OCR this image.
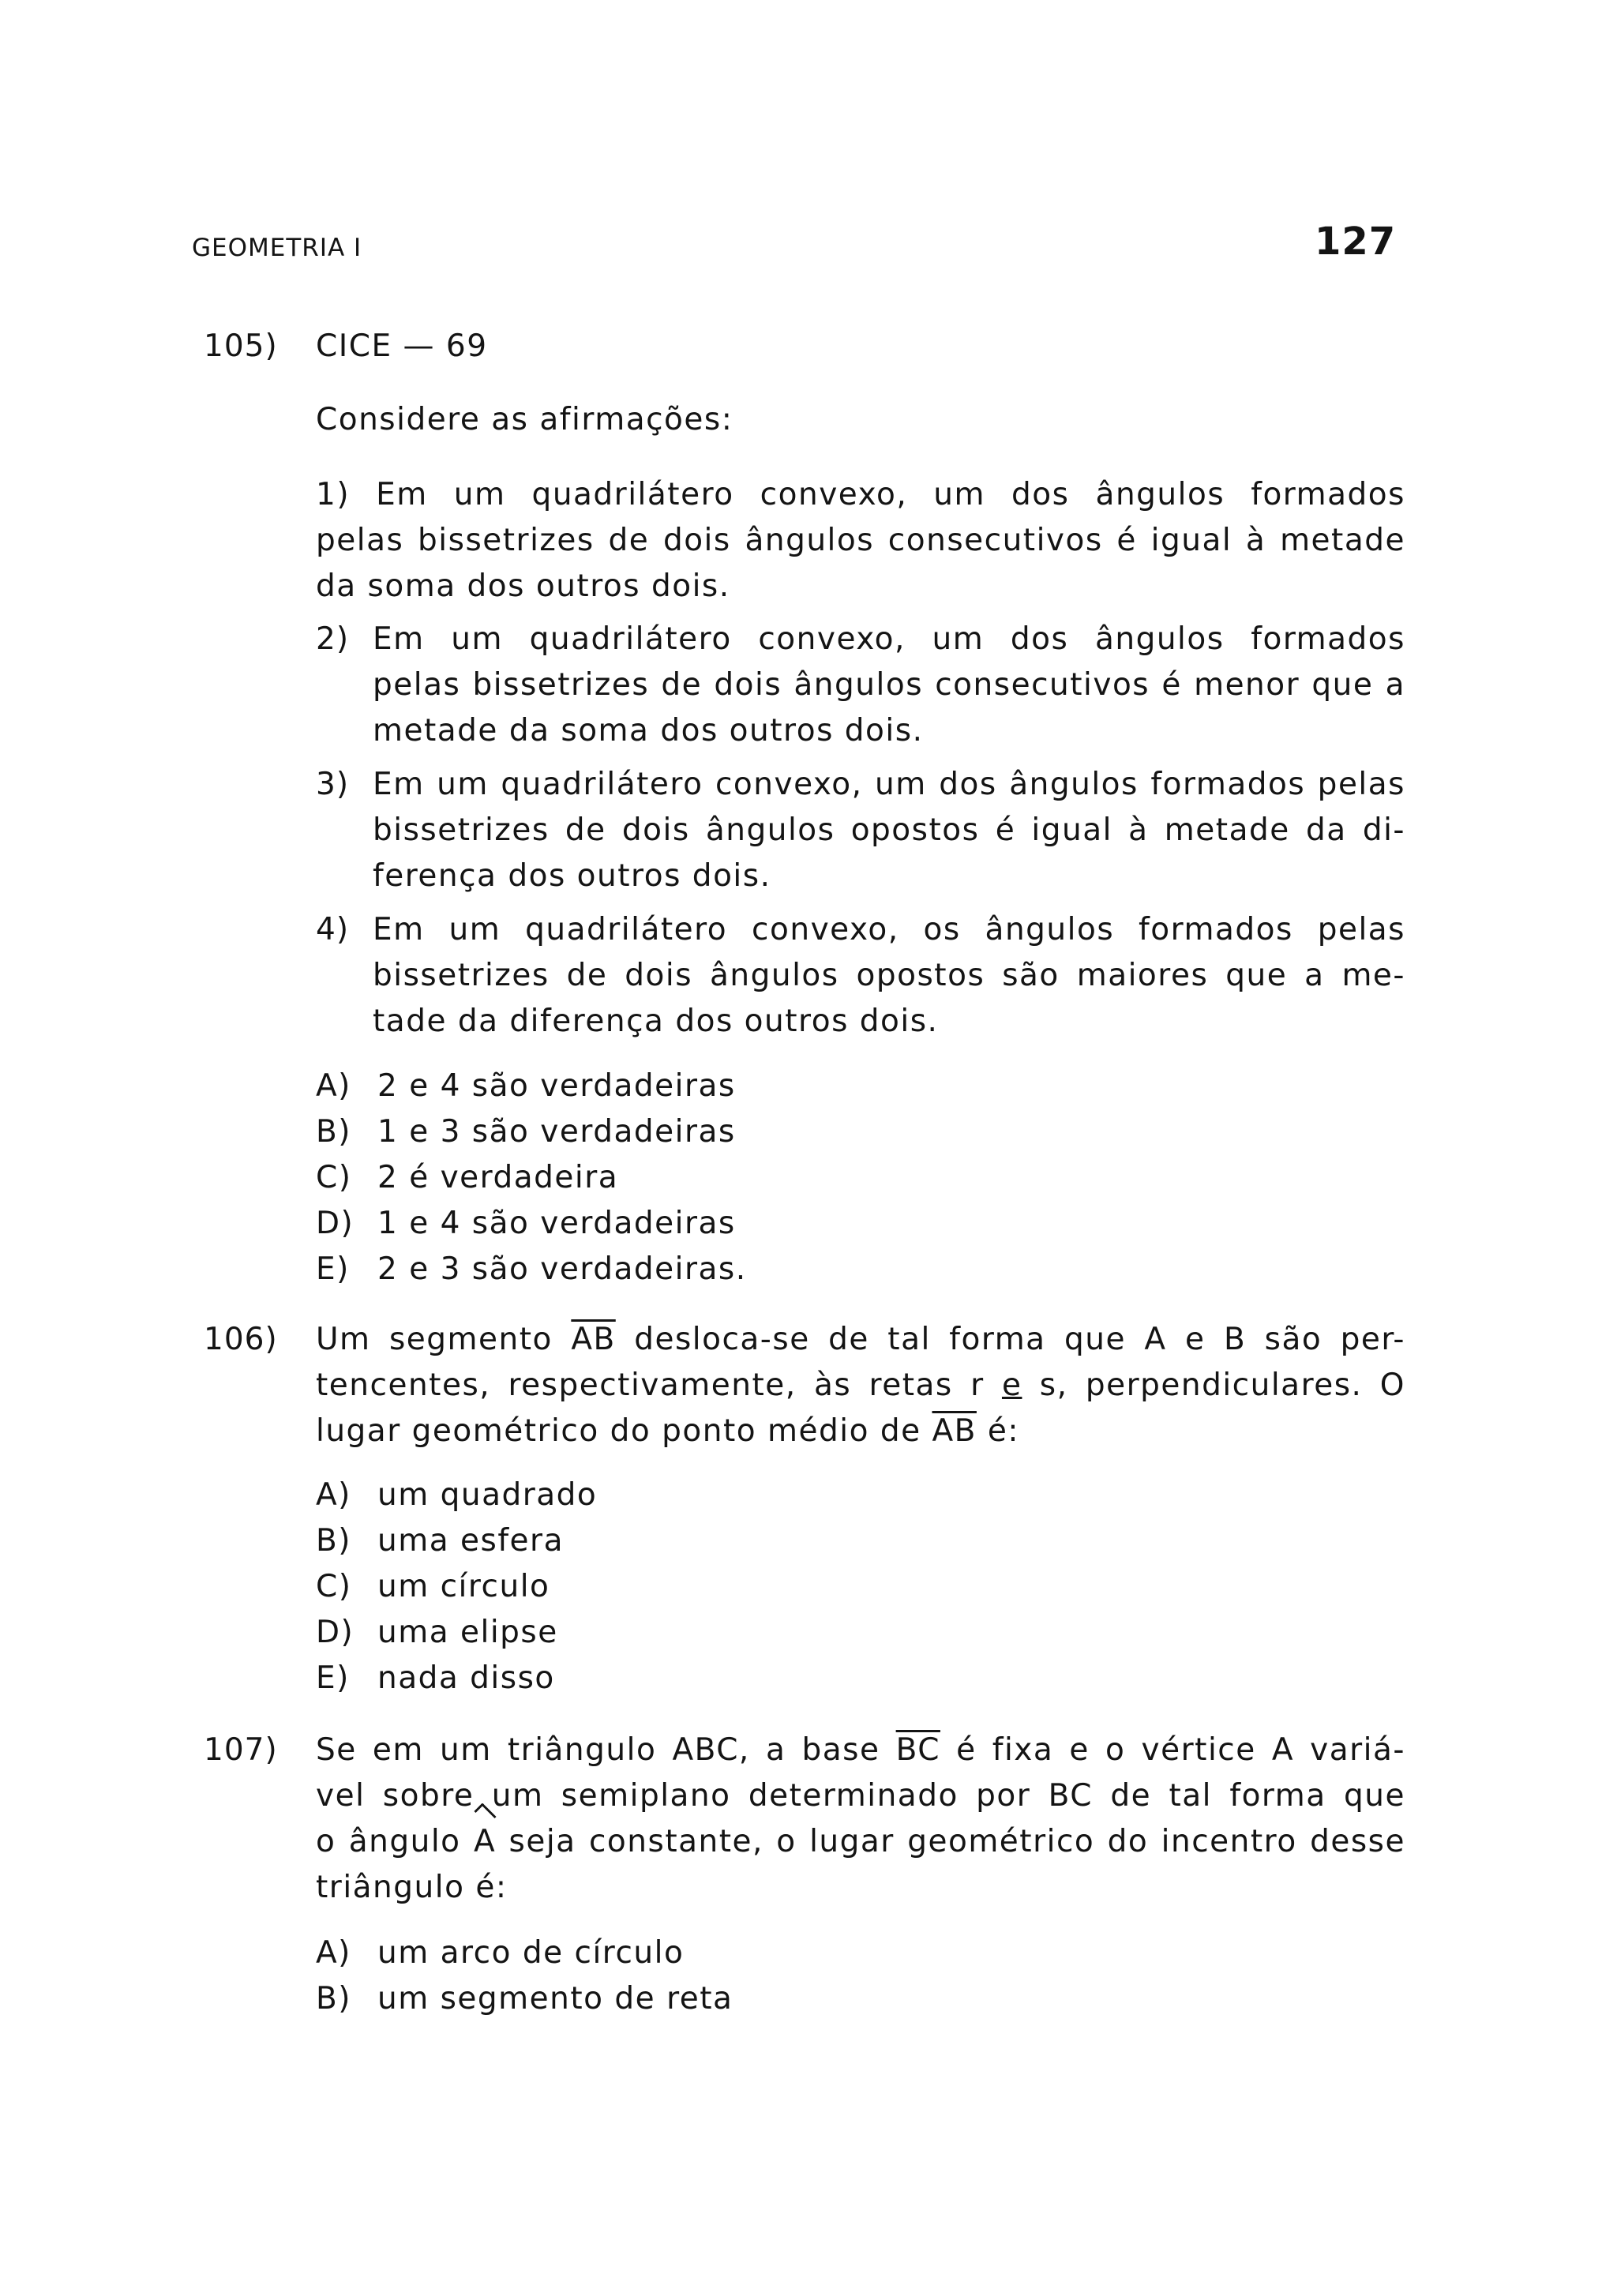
GEOMETRIA I	127
105) CICE — 69
Considere as afirmações:
1) Em um quadrilátero convexo, um dos ângulos formados
pelas bissetrizes de dois ângulos consecutivos é igual à metade
da soma dos outros dois.
2) Em um quadrilátero convexo, um dos ângulos formados
pelas bissetrizes de dois ângulos consecutivos é menor que a
metade da soma dos outros dois.
3) Em um quadrilátero convexo, um dos ângulos formados pelas
bissetrizes de dois ângulos opostos é igual à metade da di-
ferença dos outros dois.
4) Em um quadrilátero convexo, os ângulos formados pelas
bissetrizes de dois ângulos opostos são maiores que a me-
tade da diferença dos outros dois.
A) 2 e 4 são verdadeiras
B) 1 e 3 são verdadeiras
C) 2 é verdadeira
D) 1 e 4 são verdadeiras
E) 2 e 3 são verdadeiras.
106) Um segmento $\overline{AB}$ desloca-se de tal forma que A e B são per-
tencentes, respectivamente, às retas r e s, perpendiculares. O
lugar geométrico do ponto médio de $\overline{AB}$ é:
A) um quadrado
B) uma esfera
C) um círculo
D) uma elipse
E) nada disso
107) Se em um triângulo ABC, a base $\overline{BC}$ é fixa e o vértice A variá-
vel sobre um semiplano determinado por BC de tal forma que
o ângulo A seja constante, o lugar geométrico do incentro desse
triângulo é:
A) um arco de círculo
B) um segmento de reta
